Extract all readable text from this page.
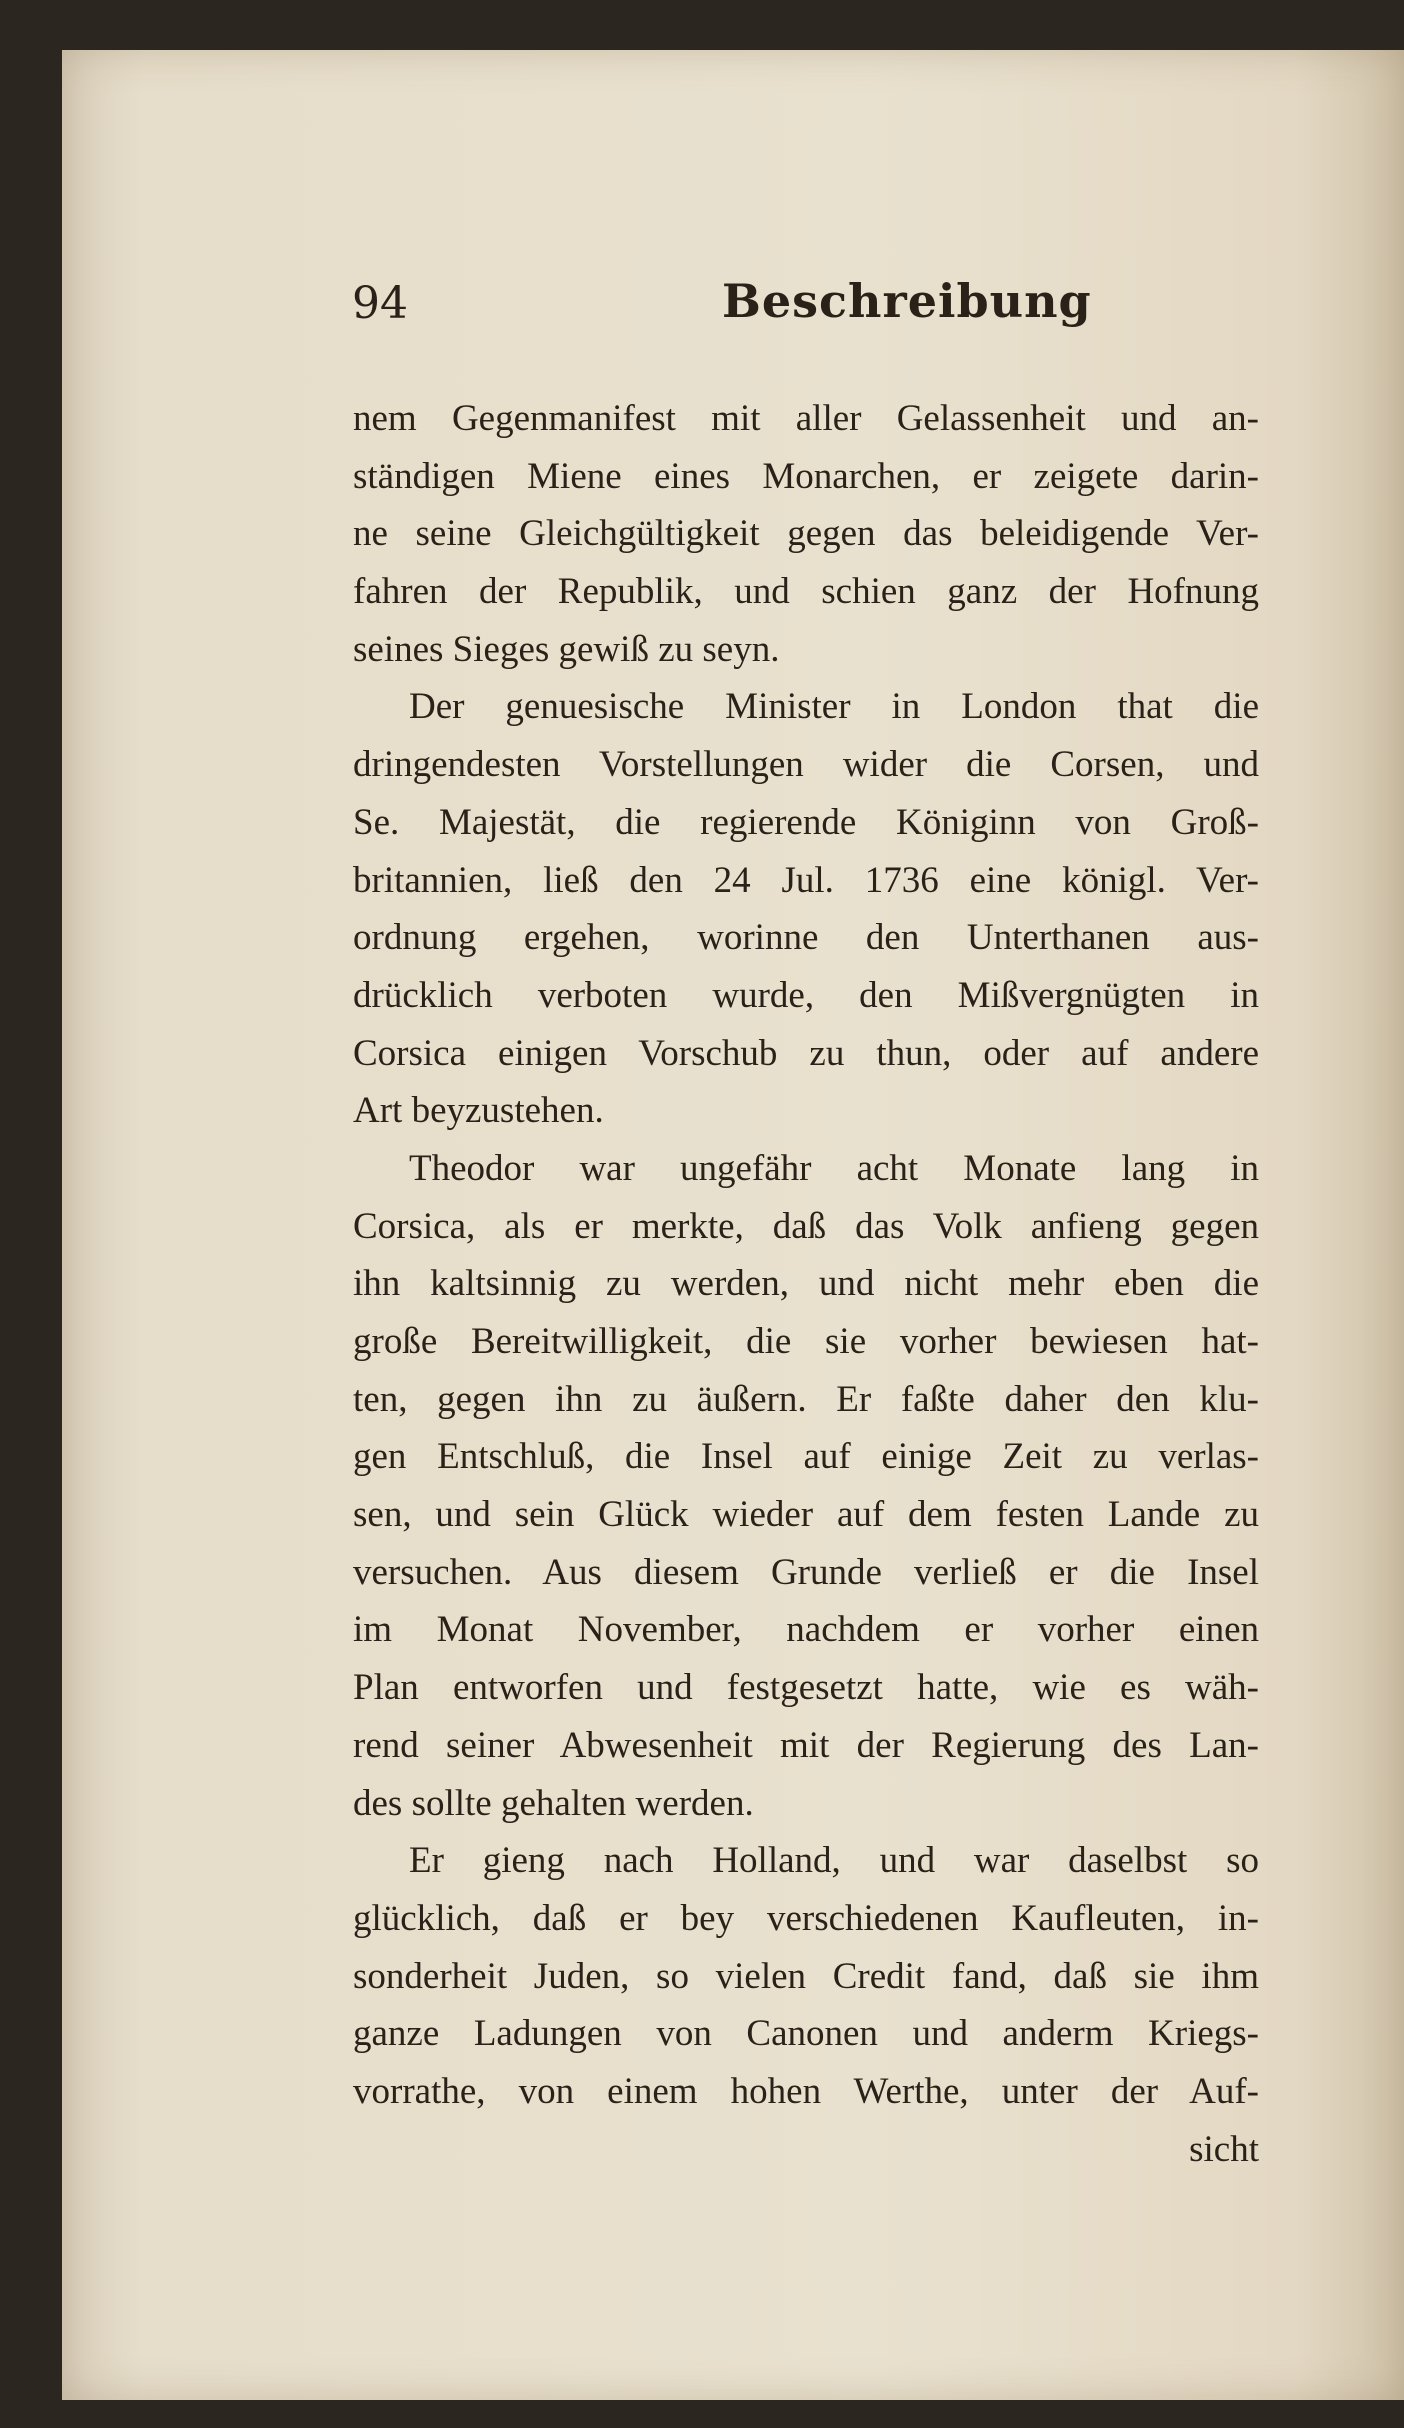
94	Beschreibung
nem Gegenmanifest mit aller Gelassenheit und an-
ständigen Miene eines Monarchen, er zeigete darin-
ne seine Gleichgültigkeit gegen das beleidigende Ver-
fahren der Republik, und schien ganz der Hofnung
seines Sieges gewiß zu seyn.
Der genuesische Minister in London that die
dringendesten Vorstellungen wider die Corsen, und
Se. Majestät, die regierende Königinn von Groß-
britannien, ließ den 24 Jul. 1736 eine königl. Ver-
ordnung ergehen, worinne den Unterthanen aus-
drücklich verboten wurde, den Mißvergnügten in
Corsica einigen Vorschub zu thun, oder auf andere
Art beyzustehen.
Theodor war ungefähr acht Monate lang in
Corsica, als er merkte, daß das Volk anfieng gegen
ihn kaltsinnig zu werden, und nicht mehr eben die
große Bereitwilligkeit, die sie vorher bewiesen hat-
ten, gegen ihn zu äußern. Er faßte daher den klu-
gen Entschluß, die Insel auf einige Zeit zu verlas-
sen, und sein Glück wieder auf dem festen Lande zu
versuchen. Aus diesem Grunde verließ er die Insel
im Monat November, nachdem er vorher einen
Plan entworfen und festgesetzt hatte, wie es wäh-
rend seiner Abwesenheit mit der Regierung des Lan-
des sollte gehalten werden.
Er gieng nach Holland, und war daselbst so
glücklich, daß er bey verschiedenen Kaufleuten, in-
sonderheit Juden, so vielen Credit fand, daß sie ihm
ganze Ladungen von Canonen und anderm Kriegs-
vorrathe, von einem hohen Werthe, unter der Auf-
sicht
